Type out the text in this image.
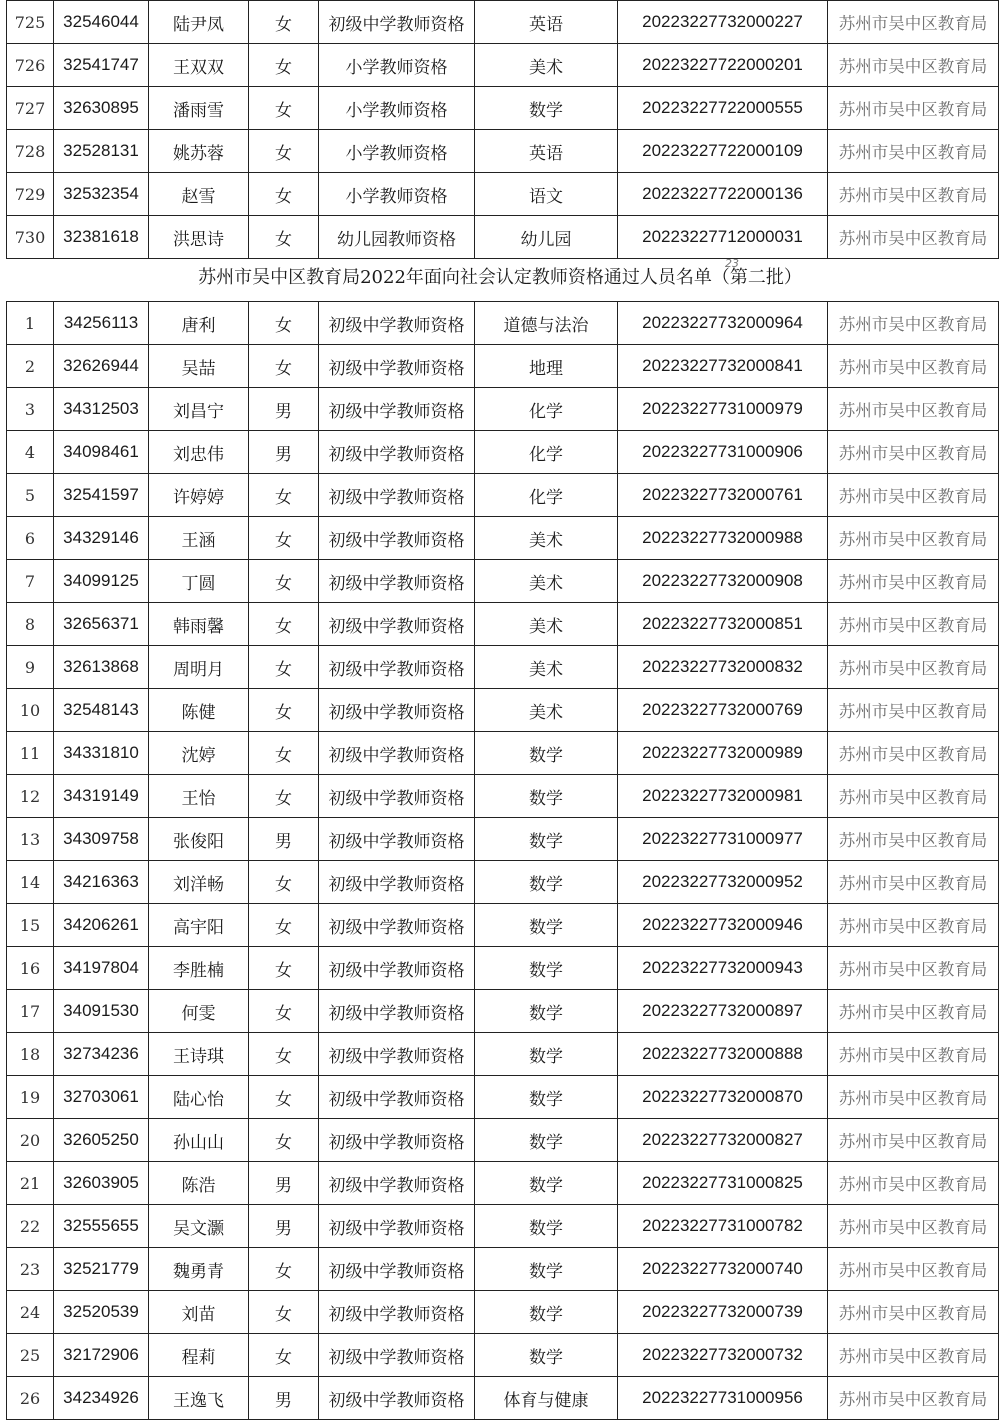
725	32546044	陆尹凤	女	初级中学教师资格	英语	20223227732000227	苏州市吴中区教育局
726	32541747	王双双	女	小学教师资格	美术	20223227722000201	苏州市吴中区教育局
727	32630895	潘雨雪	女	小学教师资格	数学	20223227722000555	苏州市吴中区教育局
728	32528131	姚苏蓉	女	小学教师资格	英语	20223227722000109	苏州市吴中区教育局
729	32532354	赵雪	女	小学教师资格	语文	20223227722000136	苏州市吴中区教育局
730	32381618	洪思诗	女	幼儿园教师资格	幼儿园	20223227712000031	苏州市吴中区教育局
苏州市吴中区教育局2022年面向社会认定教师资格通过人员名单（第二批）
23
1	34256113	唐利	女	初级中学教师资格	道德与法治	20223227732000964	苏州市吴中区教育局
2	32626944	吴喆	女	初级中学教师资格	地理	20223227732000841	苏州市吴中区教育局
3	34312503	刘昌宁	男	初级中学教师资格	化学	20223227731000979	苏州市吴中区教育局
4	34098461	刘忠伟	男	初级中学教师资格	化学	20223227731000906	苏州市吴中区教育局
5	32541597	许婷婷	女	初级中学教师资格	化学	20223227732000761	苏州市吴中区教育局
6	34329146	王涵	女	初级中学教师资格	美术	20223227732000988	苏州市吴中区教育局
7	34099125	丁圆	女	初级中学教师资格	美术	20223227732000908	苏州市吴中区教育局
8	32656371	韩雨馨	女	初级中学教师资格	美术	20223227732000851	苏州市吴中区教育局
9	32613868	周明月	女	初级中学教师资格	美术	20223227732000832	苏州市吴中区教育局
10	32548143	陈健	女	初级中学教师资格	美术	20223227732000769	苏州市吴中区教育局
11	34331810	沈婷	女	初级中学教师资格	数学	20223227732000989	苏州市吴中区教育局
12	34319149	王怡	女	初级中学教师资格	数学	20223227732000981	苏州市吴中区教育局
13	34309758	张俊阳	男	初级中学教师资格	数学	20223227731000977	苏州市吴中区教育局
14	34216363	刘洋畅	女	初级中学教师资格	数学	20223227732000952	苏州市吴中区教育局
15	34206261	高宇阳	女	初级中学教师资格	数学	20223227732000946	苏州市吴中区教育局
16	34197804	李胜楠	女	初级中学教师资格	数学	20223227732000943	苏州市吴中区教育局
17	34091530	何雯	女	初级中学教师资格	数学	20223227732000897	苏州市吴中区教育局
18	32734236	王诗琪	女	初级中学教师资格	数学	20223227732000888	苏州市吴中区教育局
19	32703061	陆心怡	女	初级中学教师资格	数学	20223227732000870	苏州市吴中区教育局
20	32605250	孙山山	女	初级中学教师资格	数学	20223227732000827	苏州市吴中区教育局
21	32603905	陈浩	男	初级中学教师资格	数学	20223227731000825	苏州市吴中区教育局
22	32555655	吴文灏	男	初级中学教师资格	数学	20223227731000782	苏州市吴中区教育局
23	32521779	魏勇青	女	初级中学教师资格	数学	20223227732000740	苏州市吴中区教育局
24	32520539	刘苗	女	初级中学教师资格	数学	20223227732000739	苏州市吴中区教育局
25	32172906	程莉	女	初级中学教师资格	数学	20223227732000732	苏州市吴中区教育局
26	34234926	王逸飞	男	初级中学教师资格	体育与健康	20223227731000956	苏州市吴中区教育局
